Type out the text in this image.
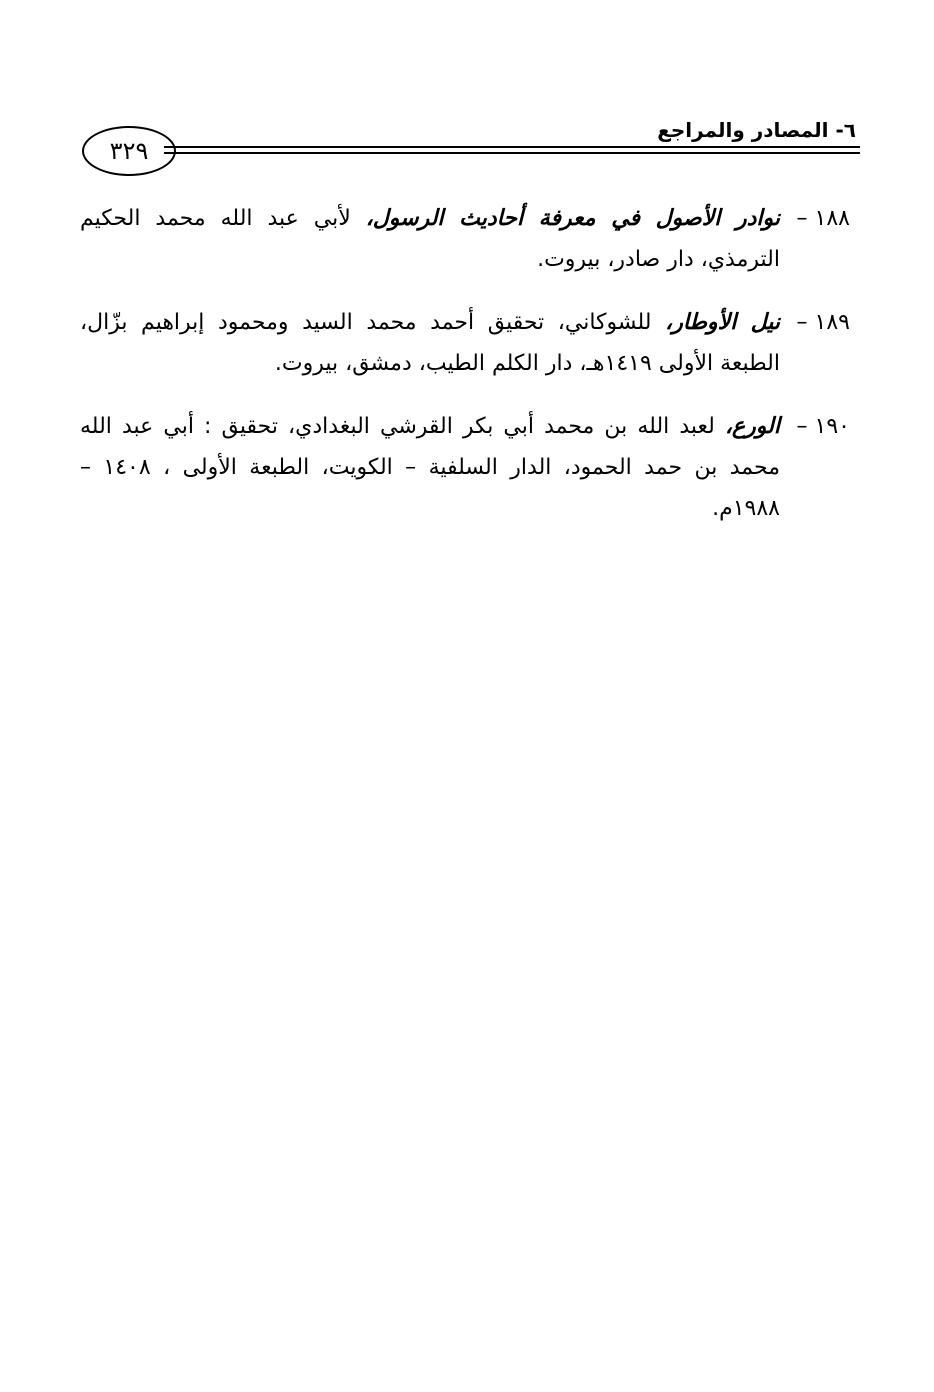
٦- المصادر والمراجع
٣٢٩

١٨٨ –نوادر الأصول في معرفة أحاديث الرسول، لأبي عبد الله محمد الحكيم الترمذي، دار صادر، بيروت.

١٨٩ –نيل الأوطار، للشوكاني، تحقيق أحمد محمد السيد ومحمود إبراهيم بزّال، الطبعة الأولى ١٤١٩هـ، دار الكلم الطيب، دمشق، بيروت.

١٩٠ –الورع، لعبد الله بن محمد أبي بكر القرشي البغدادي، تحقيق : أبي عبد الله محمد بن حمد الحمود، الدار السلفية – الكويت، الطبعة الأولى ، ١٤٠٨ – ١٩٨٨م.
